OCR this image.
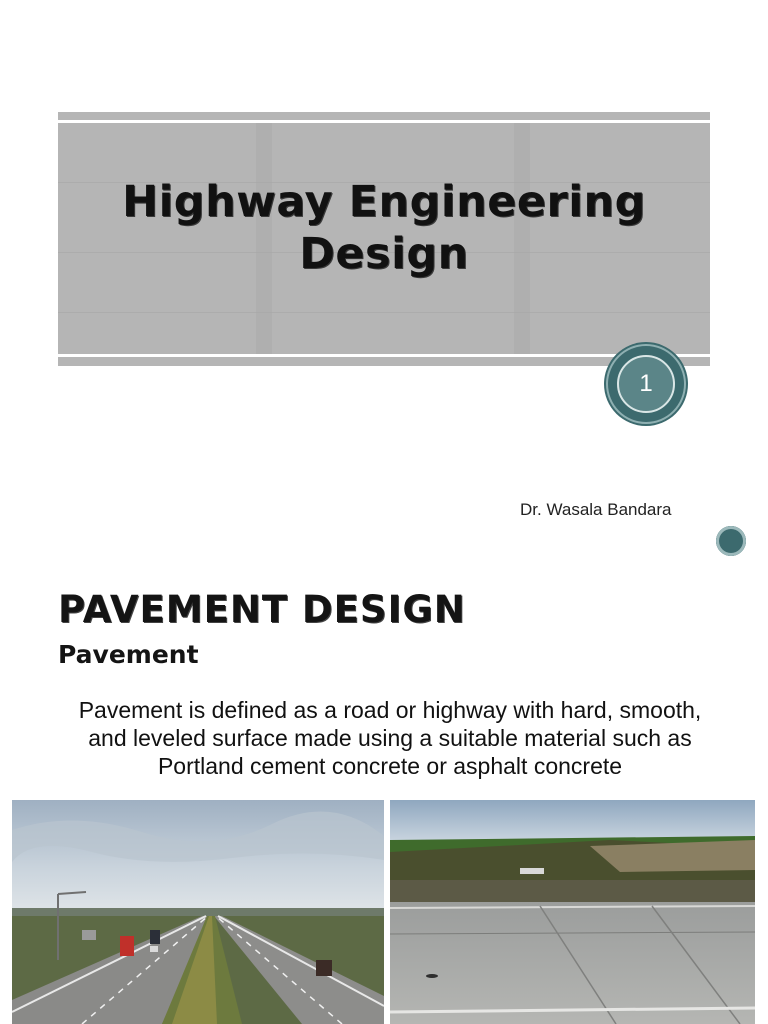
Highway Engineering
Design
1
Dr. Wasala Bandara
PAVEMENT DESIGN
Pavement
Pavement is defined as a road or highway with hard, smooth,
and leveled surface made using a suitable material such as
Portland cement concrete or asphalt concrete
